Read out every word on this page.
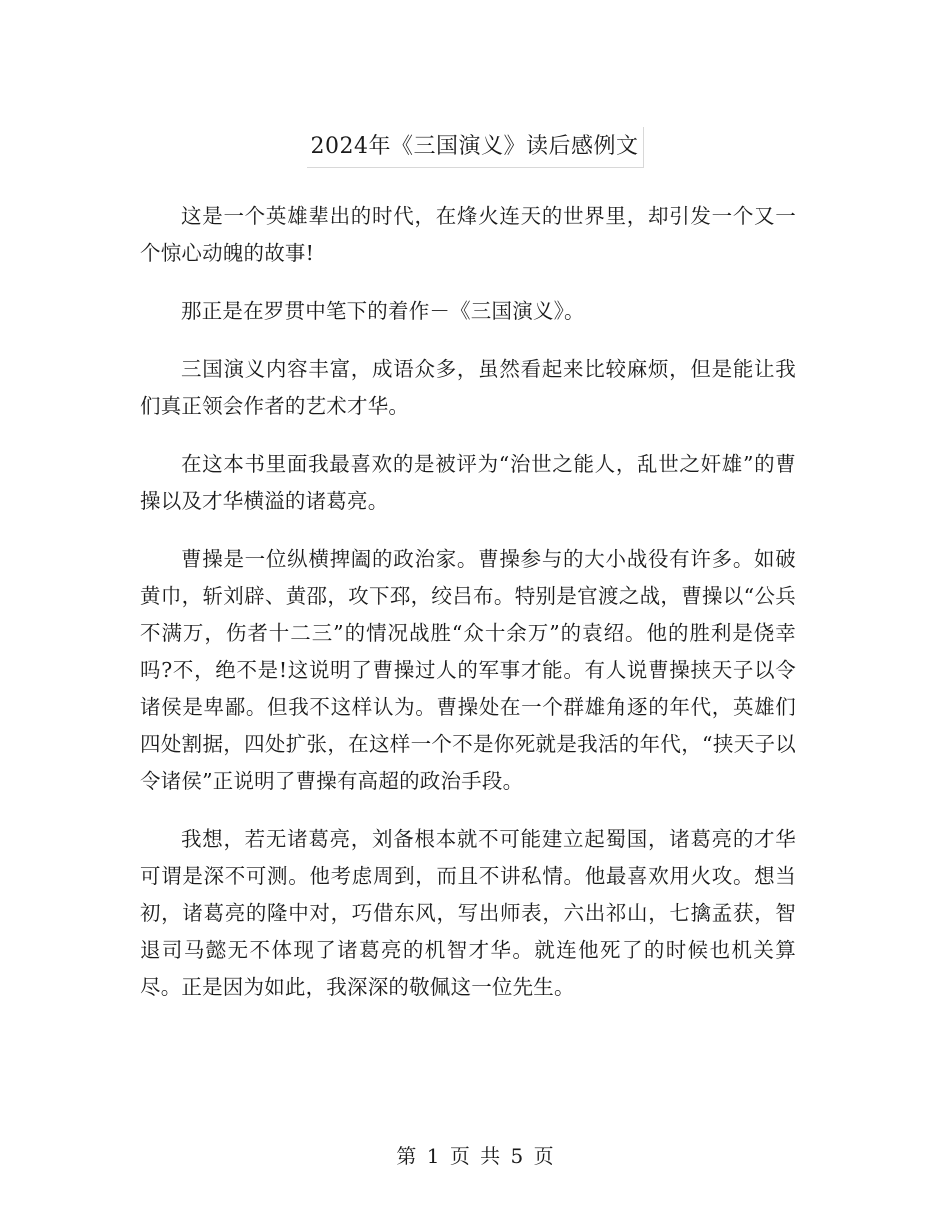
2024年《三国演义》读后感例文

这是一个英雄辈出的时代，在烽火连天的世界里，却引发一个又一个惊心动魄的故事!

那正是在罗贯中笔下的着作－《三国演义》。

三国演义内容丰富，成语众多，虽然看起来比较麻烦，但是能让我们真正领会作者的艺术才华。

在这本书里面我最喜欢的是被评为“治世之能人，乱世之奸雄”的曹操以及才华横溢的诸葛亮。

曹操是一位纵横捭阖的政治家。曹操参与的大小战役有许多。如破黄巾，斩刘辟、黄邵，攻下邳，绞吕布。特别是官渡之战，曹操以“公兵不满万，伤者十二三”的情况战胜“众十余万”的袁绍。他的胜利是侥幸吗?不，绝不是!这说明了曹操过人的军事才能。有人说曹操挟天子以令诸侯是卑鄙。但我不这样认为。曹操处在一个群雄角逐的年代，英雄们四处割据，四处扩张，在这样一个不是你死就是我活的年代，“挟天子以令诸侯”正说明了曹操有高超的政治手段。

我想，若无诸葛亮，刘备根本就不可能建立起蜀国，诸葛亮的才华可谓是深不可测。他考虑周到，而且不讲私情。他最喜欢用火攻。想当初，诸葛亮的隆中对，巧借东风，写出师表，六出祁山，七擒孟获，智退司马懿无不体现了诸葛亮的机智才华。就连他死了的时候也机关算尽。正是因为如此，我深深的敬佩这一位先生。

第 1 页 共 5 页
